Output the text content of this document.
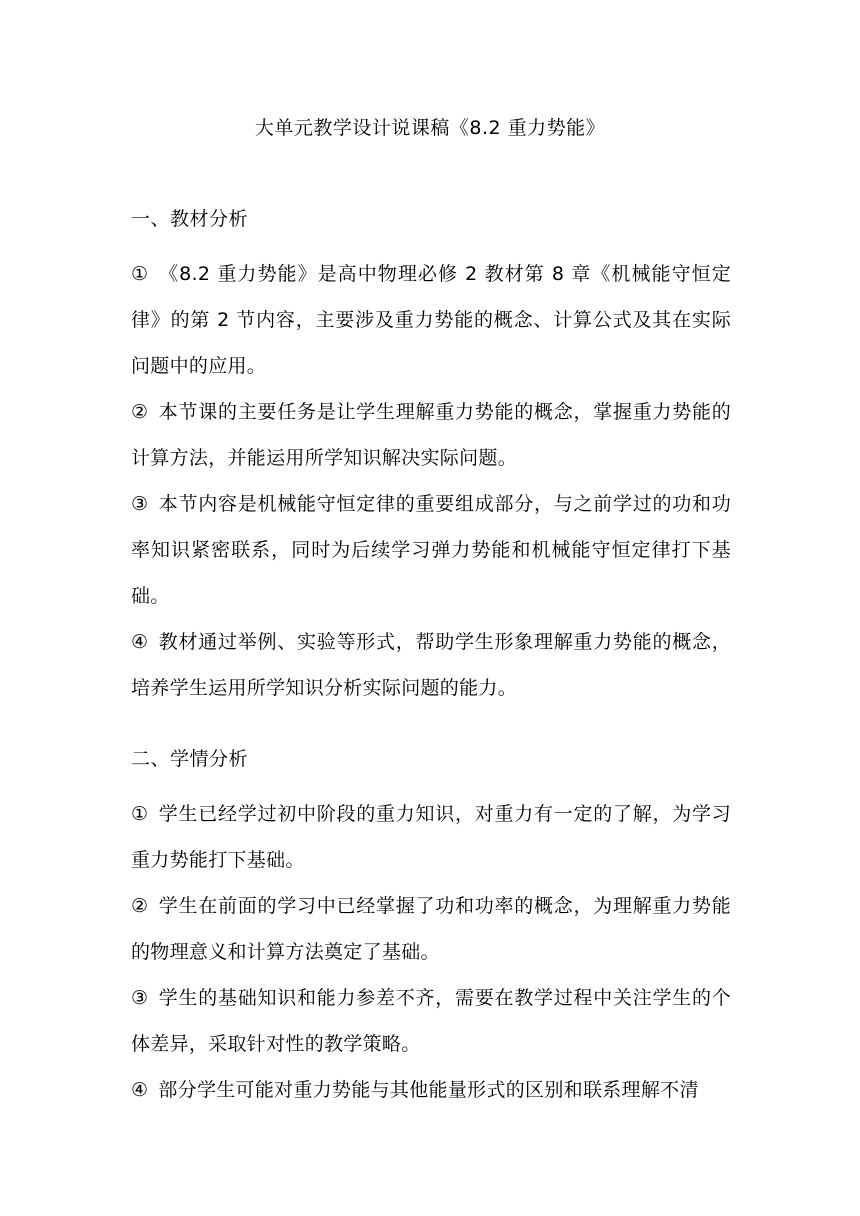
大单元教学设计说课稿《8.2 重力势能》
一、教材分析

① 《8.2 重力势能》是高中物理必修 2 教材第 8 章《机械能守恒定律》的第 2 节内容，主要涉及重力势能的概念、计算公式及其在实际问题中的应用。

② 本节课的主要任务是让学生理解重力势能的概念，掌握重力势能的计算方法，并能运用所学知识解决实际问题。

③ 本节内容是机械能守恒定律的重要组成部分，与之前学过的功和功率知识紧密联系，同时为后续学习弹力势能和机械能守恒定律打下基础。

④ 教材通过举例、实验等形式，帮助学生形象理解重力势能的概念，培养学生运用所学知识分析实际问题的能力。

二、学情分析

① 学生已经学过初中阶段的重力知识，对重力有一定的了解，为学习重力势能打下基础。

② 学生在前面的学习中已经掌握了功和功率的概念，为理解重力势能的物理意义和计算方法奠定了基础。

③ 学生的基础知识和能力参差不齐，需要在教学过程中关注学生的个体差异，采取针对性的教学策略。

④ 部分学生可能对重力势能与其他能量形式的区别和联系理解不清
